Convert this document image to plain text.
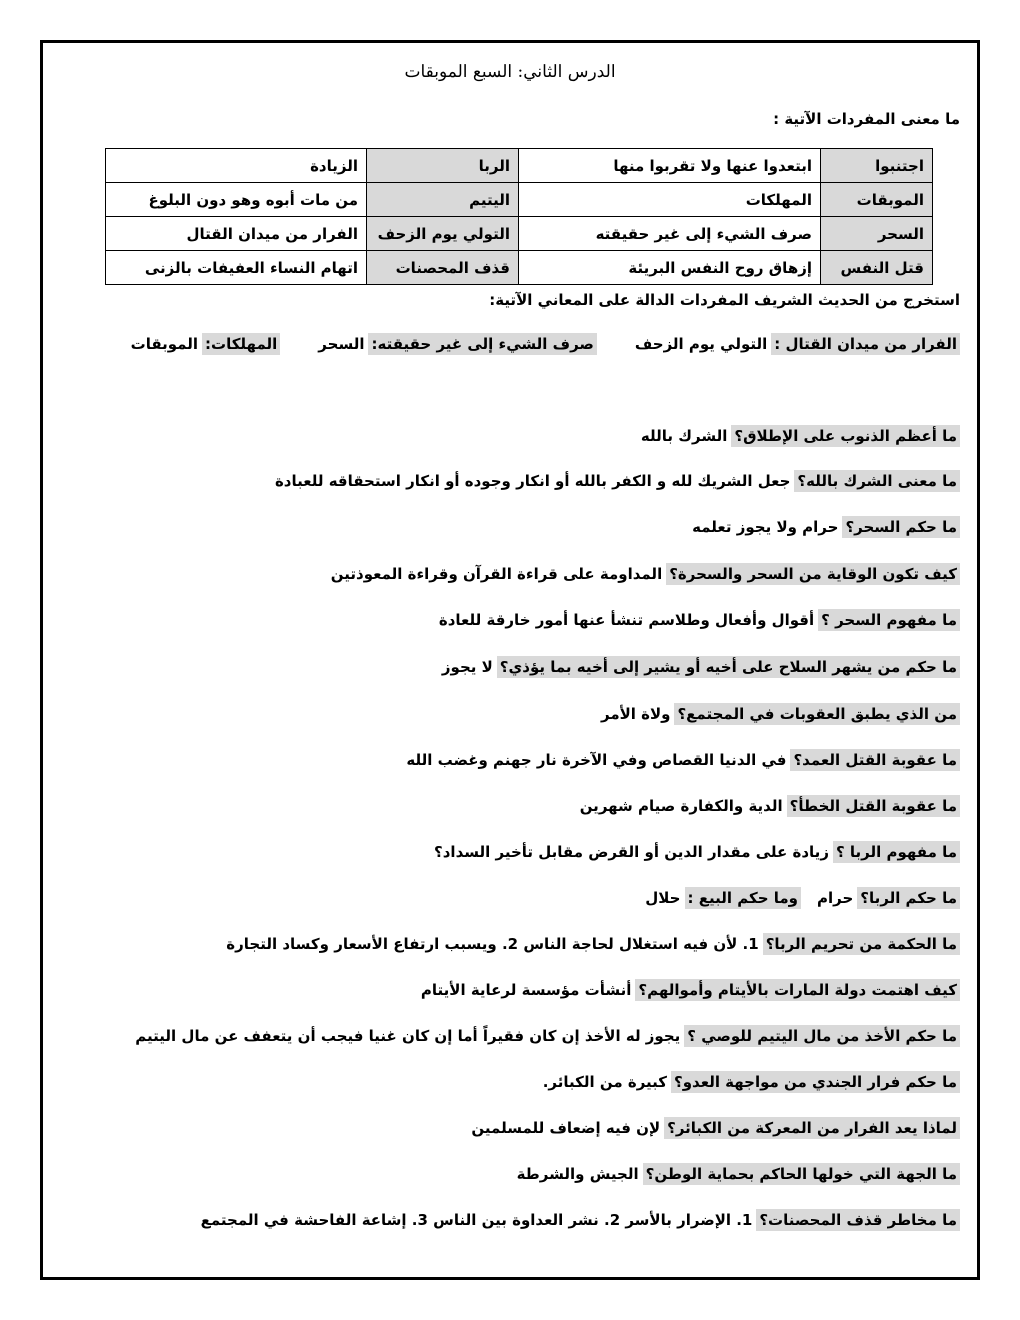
الدرس الثاني: السبع الموبقات
ما معنى المفردات الآتية :
اجتنبوا	ابتعدوا عنها ولا تقربوا منها	الربا	الزيادة
الموبقات	المهلكات	اليتيم	من مات أبوه وهو دون البلوغ
السحر	صرف الشيء إلى غير حقيقته	التولي يوم الزحف	الفرار من ميدان القتال
قتل النفس	إزهاق روح النفس البريئة	قذف المحصنات	اتهام النساء العفيفات بالزنى
استخرج من الحديث الشريف المفردات الدالة على المعاني الآتية:
الفرار من ميدان القتال :التولي يوم الزحفصرف الشيء إلى غير حقيقته:السحرالمهلكات:الموبقات
ما أعظم الذنوب على الإطلاق؟الشرك بالله
ما معنى الشرك بالله؟جعل الشريك لله و الكفر بالله أو انكار وجوده أو انكار استحقاقه للعبادة
ما حكم السحر؟حرام ولا يجوز تعلمه
كيف تكون الوقاية من السحر والسحرة؟المداومة على قراءة القرآن وقراءة المعوذتين
ما مفهوم السحر ؟أقوال وأفعال وطلاسم تنشأ عنها أمور خارقة للعادة
ما حكم من يشهر السلاح على أخيه أو يشير إلى أخيه بما يؤذي؟لا يجوز
من الذي يطبق العقوبات في المجتمع؟ولاة الأمر
ما عقوبة القتل العمد؟في الدنيا القصاص وفي الآخرة نار جهنم وغضب الله
ما عقوبة القتل الخطأ؟الدية والكفارة صيام شهرين
ما مفهوم الربا ؟زيادة على مقدار الدين أو القرض مقابل تأخير السداد؟
ما حكم الربا؟حراموما حكم البيع :حلال
ما الحكمة من تحريم الربا؟1. لأن فيه استغلال لحاجة الناس 2. ويسبب ارتفاع الأسعار وكساد التجارة
كيف اهتمت دولة المارات بالأيتام وأموالهم؟أنشأت مؤسسة لرعاية الأيتام
ما حكم الأخذ من مال اليتيم للوصي ؟يجوز له الأخذ إن كان فقيراً أما إن كان غنيا فيجب أن يتعفف عن مال اليتيم
ما حكم فرار الجندي من مواجهة العدو؟كبيرة من الكبائر.
لماذا يعد الفرار من المعركة من الكبائر؟لإن فيه إضعاف للمسلمين
ما الجهة التي خولها الحاكم بحماية الوطن؟الجيش والشرطة
ما مخاطر قذف المحصنات؟1. الإضرار بالأسر 2. نشر العداوة بين الناس 3. إشاعة الفاحشة في المجتمع
